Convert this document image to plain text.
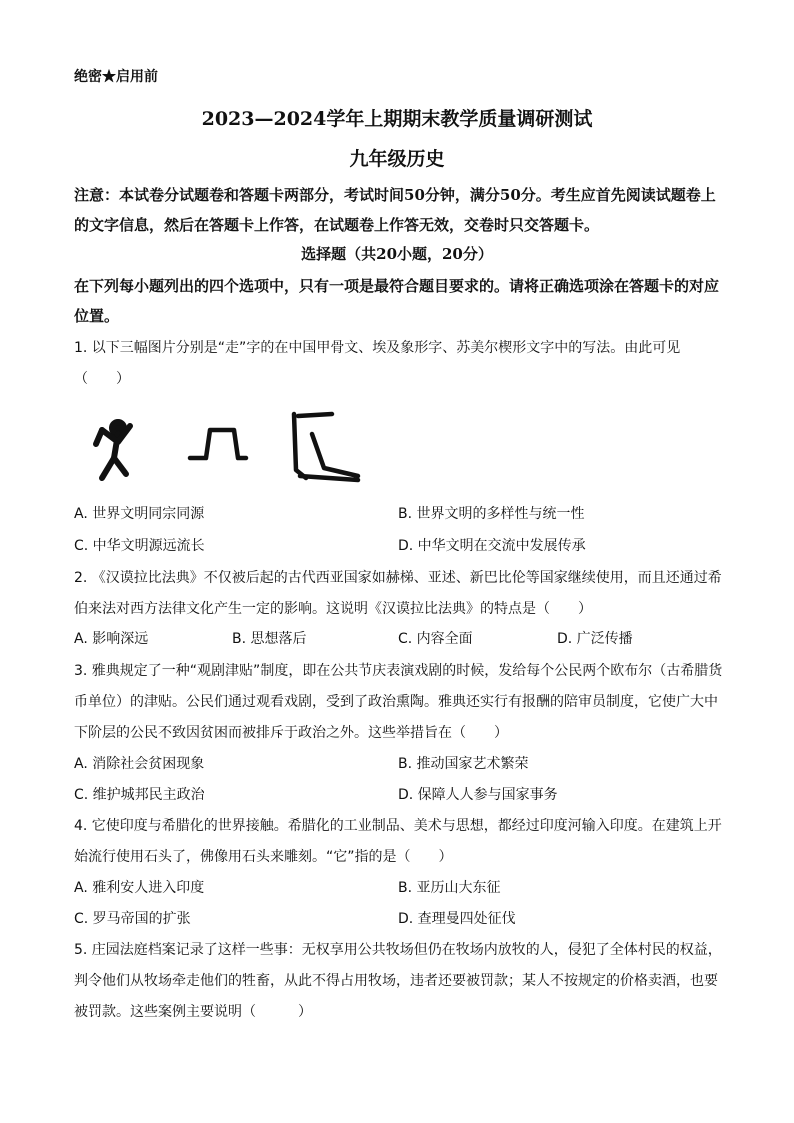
绝密★启用前
2023—2024学年上期期末教学质量调研测试
九年级历史
注意：本试卷分试题卷和答题卡两部分，考试时间50分钟，满分50分。考生应首先阅读试题卷上的文字信息，然后在答题卡上作答，在试题卷上作答无效，交卷时只交答题卡。
选择题（共20小题，20分）
在下列每小题列出的四个选项中，只有一项是最符合题目要求的。请将正确选项涂在答题卡的对应位置。
1. 以下三幅图片分别是“走”字的在中国甲骨文、埃及象形字、苏美尔楔形文字中的写法。由此可见（　　）
A. 世界文明同宗同源	B. 世界文明的多样性与统一性
C. 中华文明源远流长	D. 中华文明在交流中发展传承
2. 《汉谟拉比法典》不仅被后起的古代西亚国家如赫梯、亚述、新巴比伦等国家继续使用，而且还通过希伯来法对西方法律文化产生一定的影响。这说明《汉谟拉比法典》的特点是（　　）
A. 影响深远	B. 思想落后	C. 内容全面	D. 广泛传播
3. 雅典规定了一种“观剧津贴”制度，即在公共节庆表演戏剧的时候，发给每个公民两个欧布尔（古希腊货币单位）的津贴。公民们通过观看戏剧，受到了政治熏陶。雅典还实行有报酬的陪审员制度，它使广大中下阶层的公民不致因贫困而被排斥于政治之外。这些举措旨在（　　）
A. 消除社会贫困现象	B. 推动国家艺术繁荣
C. 维护城邦民主政治	D. 保障人人参与国家事务
4. 它使印度与希腊化的世界接触。希腊化的工业制品、美术与思想，都经过印度河输入印度。在建筑上开始流行使用石头了，佛像用石头来雕刻。“它”指的是（　　）
A. 雅利安人进入印度	B. 亚历山大东征
C. 罗马帝国的扩张	D. 查理曼四处征伐
5. 庄园法庭档案记录了这样一些事：无权享用公共牧场但仍在牧场内放牧的人，侵犯了全体村民的权益，判令他们从牧场牵走他们的牲畜，从此不得占用牧场，违者还要被罚款；某人不按规定的价格卖酒，也要被罚款。这些案例主要说明（　　　）
